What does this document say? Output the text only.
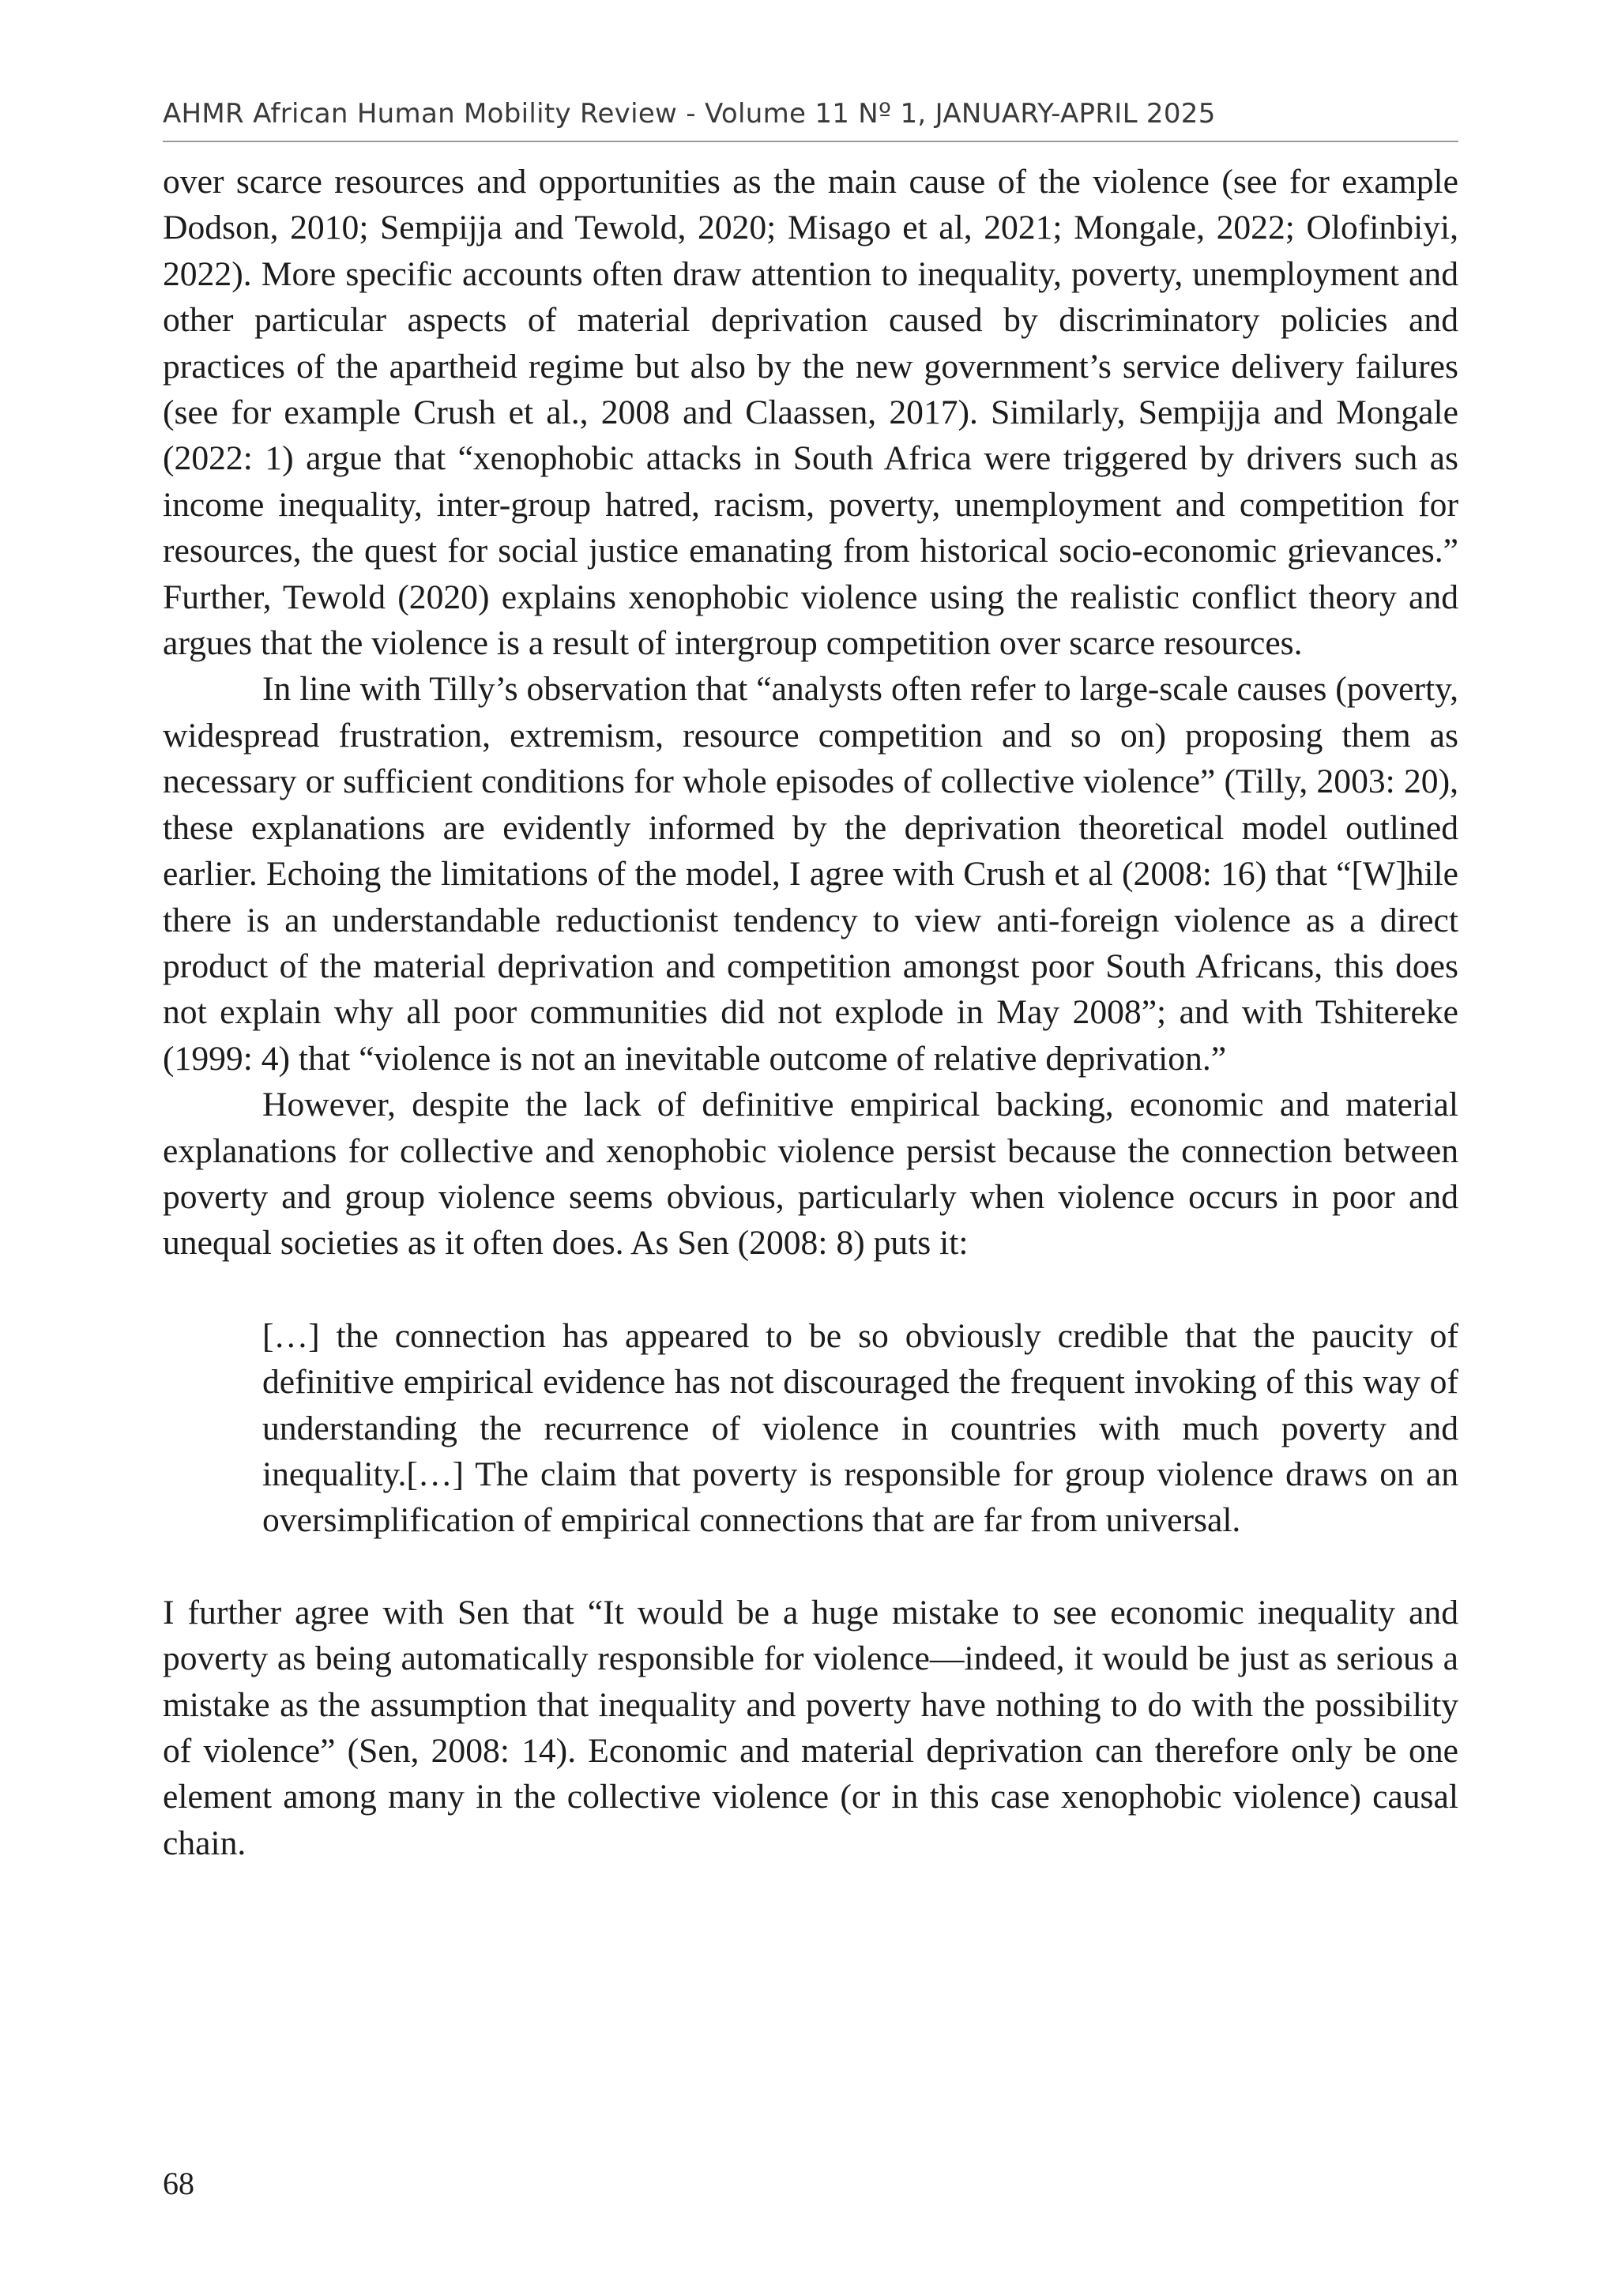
AHMR African Human Mobility Review - Volume 11 Nº 1, JANUARY-APRIL 2025

over scarce resources and opportunities as the main cause of the violence (see for example Dodson, 2010; Sempijja and Tewold, 2020; Misago et al, 2021; Mongale, 2022; Olofinbiyi, 2022). More specific accounts often draw attention to inequality, poverty, unemployment and other particular aspects of material deprivation caused by discriminatory policies and practices of the apartheid regime but also by the new government’s service delivery failures (see for example Crush et al., 2008 and Claassen, 2017). Similarly, Sempijja and Mongale (2022: 1) argue that “xenophobic attacks in South Africa were triggered by drivers such as income inequality, inter-group hatred, racism, poverty, unemployment and competition for resources, the quest for social justice emanating from historical socio-economic grievances.” Further, Tewold (2020) explains xenophobic violence using the realistic conflict theory and argues that the violence is a result of intergroup competition over scarce resources.

In line with Tilly’s observation that “analysts often refer to large-scale causes (poverty, widespread frustration, extremism, resource competition and so on) proposing them as necessary or sufficient conditions for whole episodes of collective violence” (Tilly, 2003: 20), these explanations are evidently informed by the deprivation theoretical model outlined earlier. Echoing the limitations of the model, I agree with Crush et al (2008: 16) that “[W]hile there is an understandable reductionist tendency to view anti-foreign violence as a direct product of the material deprivation and competition amongst poor South Africans, this does not explain why all poor communities did not explode in May 2008”; and with Tshitereke (1999: 4) that “violence is not an inevitable outcome of relative deprivation.”

However, despite the lack of definitive empirical backing, economic and material explanations for collective and xenophobic violence persist because the connection between poverty and group violence seems obvious, particularly when violence occurs in poor and unequal societies as it often does. As Sen (2008: 8) puts it:

[…] the connection has appeared to be so obviously credible that the paucity of definitive empirical evidence has not discouraged the frequent invoking of this way of understanding the recurrence of violence in countries with much poverty and inequality.[…] The claim that poverty is responsible for group violence draws on an oversimplification of empirical connections that are far from universal.

I further agree with Sen that “It would be a huge mistake to see economic inequality and poverty as being automatically responsible for violence—indeed, it would be just as serious a mistake as the assumption that inequality and poverty have nothing to do with the possibility of violence” (Sen, 2008: 14). Economic and material deprivation can therefore only be one element among many in the collective violence (or in this case xenophobic violence) causal chain.

68
